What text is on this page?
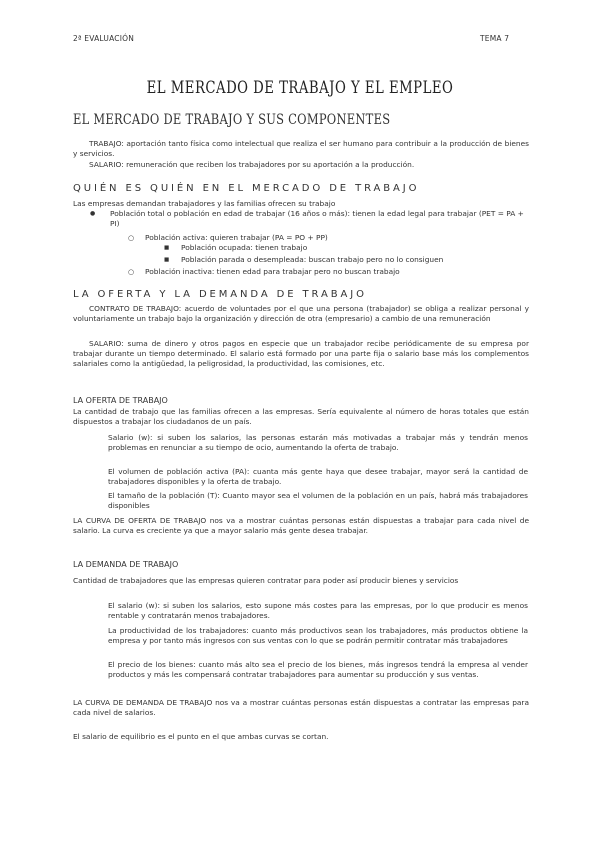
2ª EVALUACIÓN	TEMA 7
EL MERCADO DE TRABAJO Y EL EMPLEO
EL MERCADO DE TRABAJO Y SUS COMPONENTES

TRABAJO: aportación tanto física como intelectual que realiza el ser humano para contribuir a la producción de bienes y servicios.

SALARIO: remuneración que reciben los trabajadores por su aportación a la producción.

QUIÉN ES QUIÉN EN EL MERCADO DE TRABAJO

Las empresas demandan trabajadores y las familias ofrecen su trabajo

● Población total o población en edad de trabajar (16 años o más): tienen la edad legal para trabajar (PET = PA + PI)

○ Población activa: quieren trabajar (PA = PO + PP)

■ Población ocupada: tienen trabajo

■ Población parada o desempleada: buscan trabajo pero no lo consiguen

○ Población inactiva: tienen edad para trabajar pero no buscan trabajo

LA OFERTA Y LA DEMANDA DE TRABAJO

CONTRATO DE TRABAJO: acuerdo de voluntades por el que una persona (trabajador) se obliga a realizar personal y voluntariamente un trabajo bajo la organización y dirección de otra (empresario) a cambio de una remuneración

SALARIO: suma de dinero y otros pagos en especie que un trabajador recibe periódicamente de su empresa por trabajar durante un tiempo determinado. El salario está formado por una parte fija o salario base más los complementos salariales como la antigüedad, la peligrosidad, la productividad, las comisiones, etc.

LA OFERTA DE TRABAJO

La cantidad de trabajo que las familias ofrecen a las empresas. Sería equivalente al número de horas totales que están dispuestos a trabajar los ciudadanos de un país.

Salario (w): si suben los salarios, las personas estarán más motivadas a trabajar más y tendrán menos problemas en renunciar a su tiempo de ocio, aumentando la oferta de trabajo.

El volumen de población activa (PA): cuanta más gente haya que desee trabajar, mayor será la cantidad de trabajadores disponibles y la oferta de trabajo.

El tamaño de la población (T): Cuanto mayor sea el volumen de la población en un país, habrá más trabajadores disponibles

LA CURVA DE OFERTA DE TRABAJO nos va a mostrar cuántas personas están dispuestas a trabajar para cada nivel de salario. La curva es creciente ya que a mayor salario más gente desea trabajar.

LA DEMANDA DE TRABAJO

Cantidad de trabajadores que las empresas quieren contratar para poder así producir bienes y servicios

El salario (w): si suben los salarios, esto supone más costes para las empresas, por lo que producir es menos rentable y contratarán menos trabajadores.

La productividad de los trabajadores: cuanto más productivos sean los trabajadores, más productos obtiene la empresa y por tanto más ingresos con sus ventas con lo que se podrán permitir contratar más trabajadores

El precio de los bienes: cuanto más alto sea el precio de los bienes, más ingresos tendrá la empresa al vender productos y más les compensará contratar trabajadores para aumentar su producción y sus ventas.

LA CURVA DE DEMANDA DE TRABAJO nos va a mostrar cuántas personas están dispuestas a contratar las empresas para cada nivel de salarios.

El salario de equilibrio es el punto en el que ambas curvas se cortan.
